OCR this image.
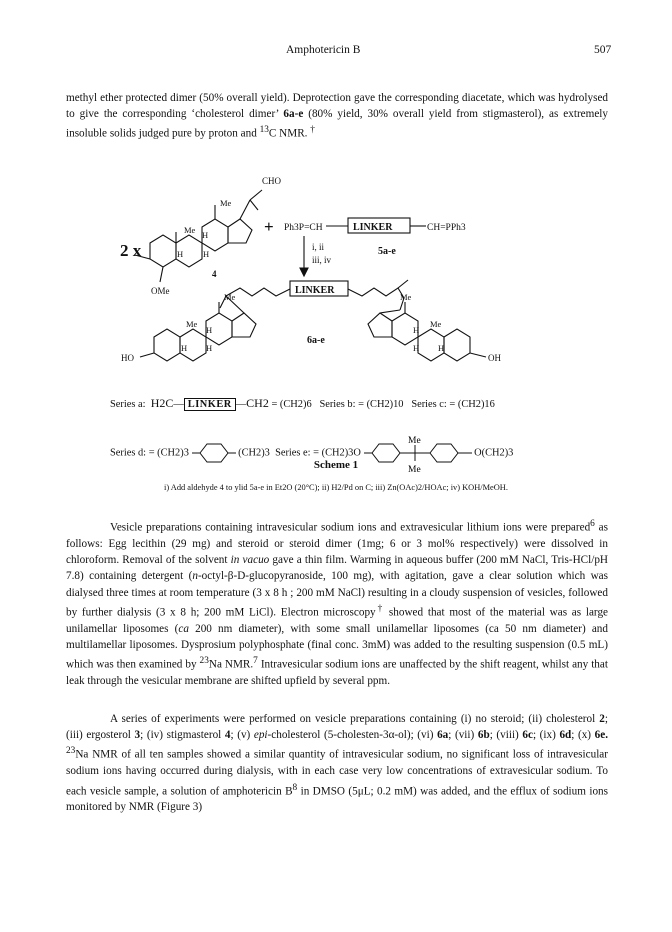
Amphotericin B	507
methyl ether protected dimer (50% overall yield). Deprotection gave the corresponding diacetate, which was hydrolysed to give the corresponding ‘cholesterol dimer’ 6a-e (80% yield, 30% overall yield from stigmasterol), as extremely insoluble solids judged pure by proton and $^{13}$C NMR. †
2 x
CHO
Me
Me H
H H
4
OMe
+ Ph3P=CH	LINKER	CH=PPh3
5a-e
i, ii
iii, iv
LINKER
Me	Me
Me	Me
H	H
H H	H H
6a-e
HO	OH
Series a: H2C— LINKER —CH2 = (CH2)6 Series b: = (CH2)10 Series c: = (CH2)16
Series d: = (CH2)3	(CH2)3 Series e: = (CH2)3O
Me
Me
O(CH2)3
Scheme 1
i) Add aldehyde 4 to ylid 5a-e in Et2O (20°C); ii) H2/Pd on C; iii) Zn(OAc)2/HOAc; iv) KOH/MeOH.
Vesicle preparations containing intravesicular sodium ions and extravesicular lithium ions were prepared$^6$ as follows: Egg lecithin (29 mg) and steroid or steroid dimer (1mg; 6 or 3 mol% respectively) were dissolved in chloroform. Removal of the solvent in vacuo gave a thin film. Warming in aqueous buffer (200 mM NaCl, Tris-HCl/pH 7.8) containing detergent (n-octyl-β-D-glucopyranoside, 100 mg), with agitation, gave a clear solution which was dialysed three times at room temperature (3 x 8 h ; 200 mM NaCl) resulting in a cloudy suspension of vesicles, followed by further dialysis (3 x 8 h; 200 mM LiCl). Electron microscopy† showed that most of the material was as large unilamellar liposomes (ca 200 nm diameter), with some small unilamellar liposomes (ca 50 nm diameter) and multilamellar liposomes. Dysprosium polyphosphate (final conc. 3mM) was added to the resulting suspension (0.5 mL) which was then examined by $^{23}$Na NMR.$^7$ Intravesicular sodium ions are unaffected by the shift reagent, whilst any that leak through the vesicular membrane are shifted upfield by several ppm.
A series of experiments were performed on vesicle preparations containing (i) no steroid; (ii) cholesterol 2; (iii) ergosterol 3; (iv) stigmasterol 4; (v) epi-cholesterol (5-cholesten-3α-ol); (vi) 6a; (vii) 6b; (viii) 6c; (ix) 6d; (x) 6e. $^{23}$Na NMR of all ten samples showed a similar quantity of intravesicular sodium, no significant loss of intravesicular sodium ions having occurred during dialysis, with in each case very low concentrations of extravesicular sodium. To each vesicle sample, a solution of amphotericin $B^8$ in DMSO (5μL; 0.2 mM) was added, and the efflux of sodium ions monitored by NMR (Figure 3)
